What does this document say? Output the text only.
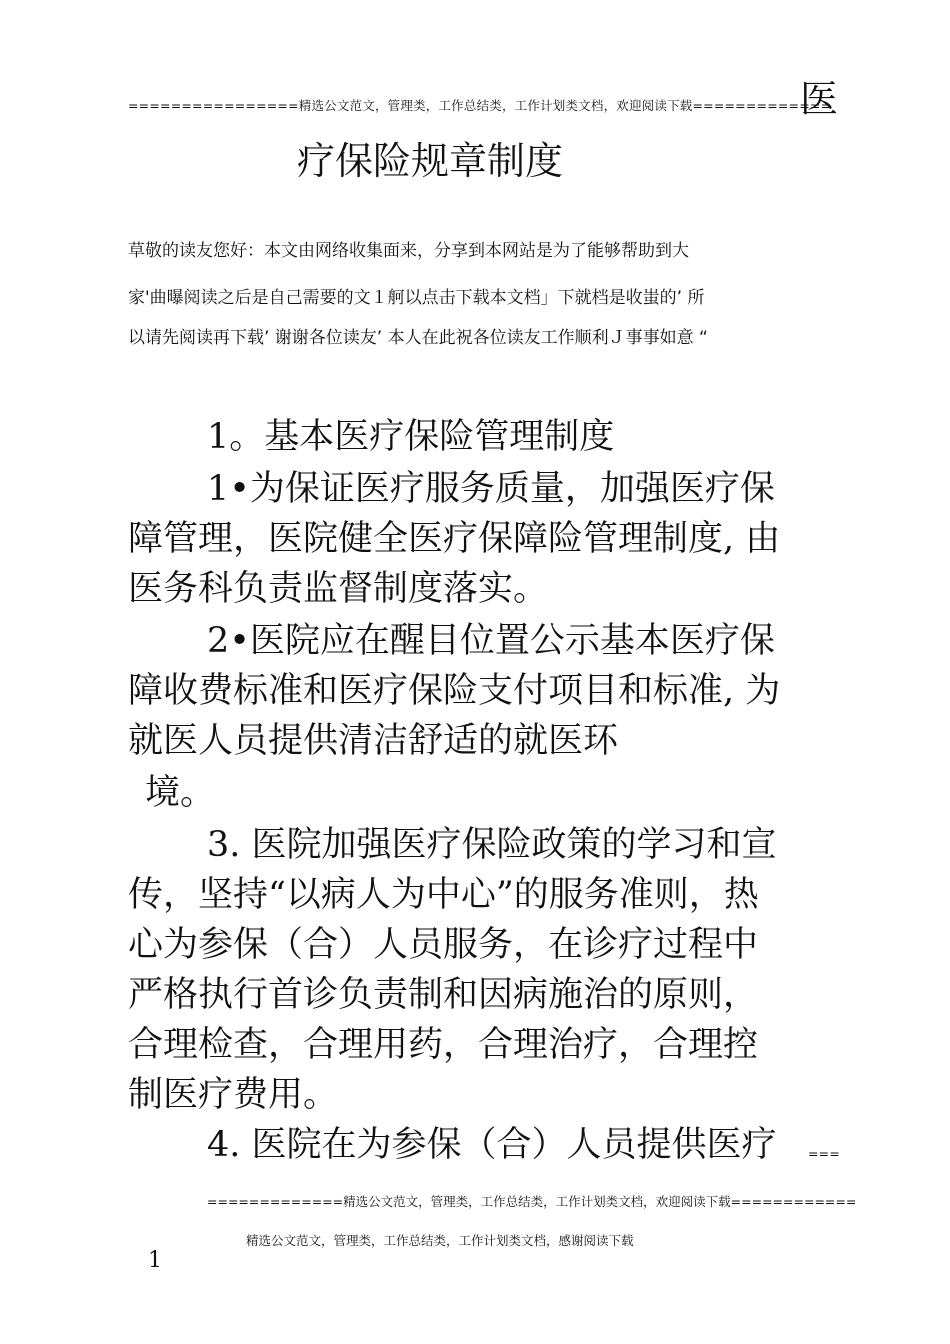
================精选公文范文，管理类，工作总结类，工作计划类文档，欢迎阅读下载=============
医
疗保险规章制度
草敬的读友您好：本文由网络收集面来，分享到本网站是为了能够帮助到大
家'曲曝阅读之后是自己需要的文１舸以点击下载本文档」下就档是收蚩的’ 所
以请先阅读再下载’ 谢谢各位读友’ 本人在此祝各位读友工作顺利Ｊ事事如意 “
1。基本医疗保险管理制度
1•为保证医疗服务质量，加强医疗保
障管理，医院健全医疗保障险管理制度, 由
医务科负责监督制度落实。
2•医院应在醒目位置公示基本医疗保
障收费标准和医疗保险支付项目和标准, 为
就医人员提供清洁舒适的就医环
境。
3. 医院加强医疗保险政策的学习和宣
传，坚持“以病人为中心”的服务准则，热
心为参保（合）人员服务，在诊疗过程中
严格执行首诊负责制和因病施治的原则，
合理检查，合理用药，合理治疗，合理控
制医疗费用。
4. 医院在为参保（合）人员提供医疗	===
=============精选公文范文，管理类，工作总结类，工作计划类文档，欢迎阅读下载============
精选公文范文，管理类，工作总结类，工作计划类文档，感谢阅读下载
1
